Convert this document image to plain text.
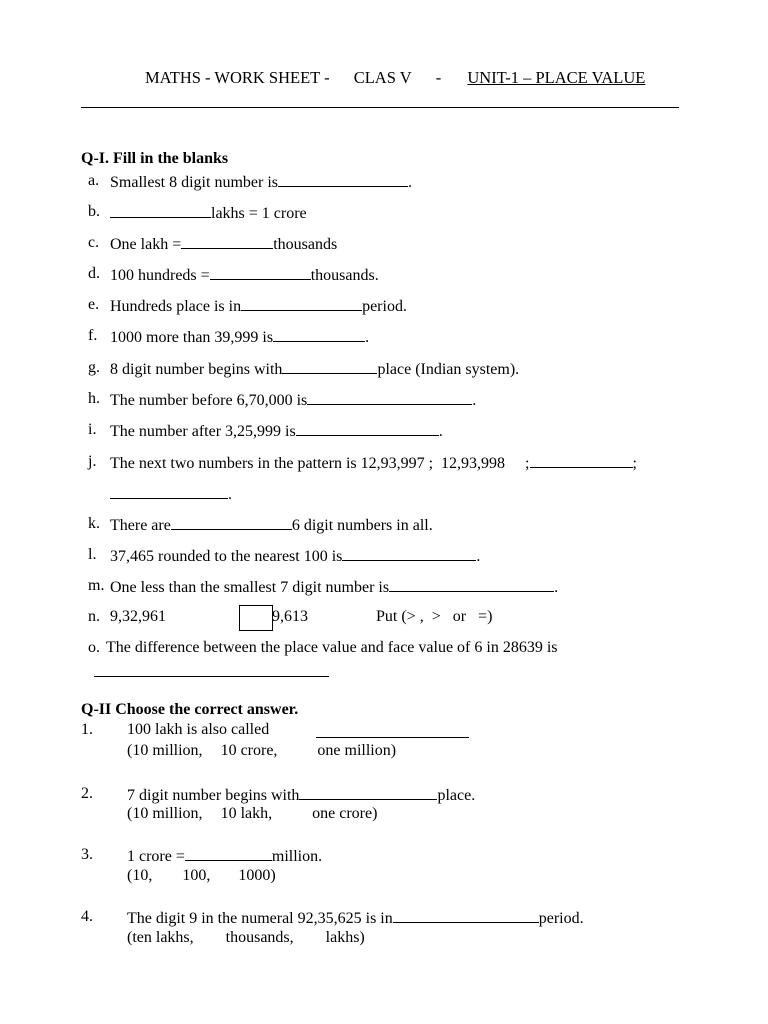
MATHS - WORK SHEET - CLAS V - UNIT-1 – PLACE VALUE
Q-I. Fill in the blanks
a. Smallest 8 digit number is	.
b.	lakhs = 1 crore
c. One lakh =	thousands
d. 100 hundreds =	thousands.
e. Hundreds place is in	period.
f. 1000 more than 39,999 is	.
g. 8 digit number begins with	place (Indian system).
h. The number before 6,70,000 is	.
i. The number after 3,25,999 is	.
j. The next two numbers in the pattern is 12,93,997 ;  12,93,998     ;	;
.
k. There are	6 digit numbers in all.
l. 37,465 rounded to the nearest 100 is	.
m. One less than the smallest 7 digit number is	.
n. 9,32,961	9,613	Put (> ,  >   or   =)
o. The difference between the place value and face value of 6 in 28639 is
Q-II Choose the correct answer.
1. 100 lakh is also called
(10 million, 10 crore,	one million)
2. 7 digit number begins with	place.
(10 million, 10 lakh,	one crore)
3. 1 crore =	million.
(10, 100, 1000)
4. The digit 9 in the numeral 92,35,625 is in	period.
(ten lakhs, thousands, lakhs)
